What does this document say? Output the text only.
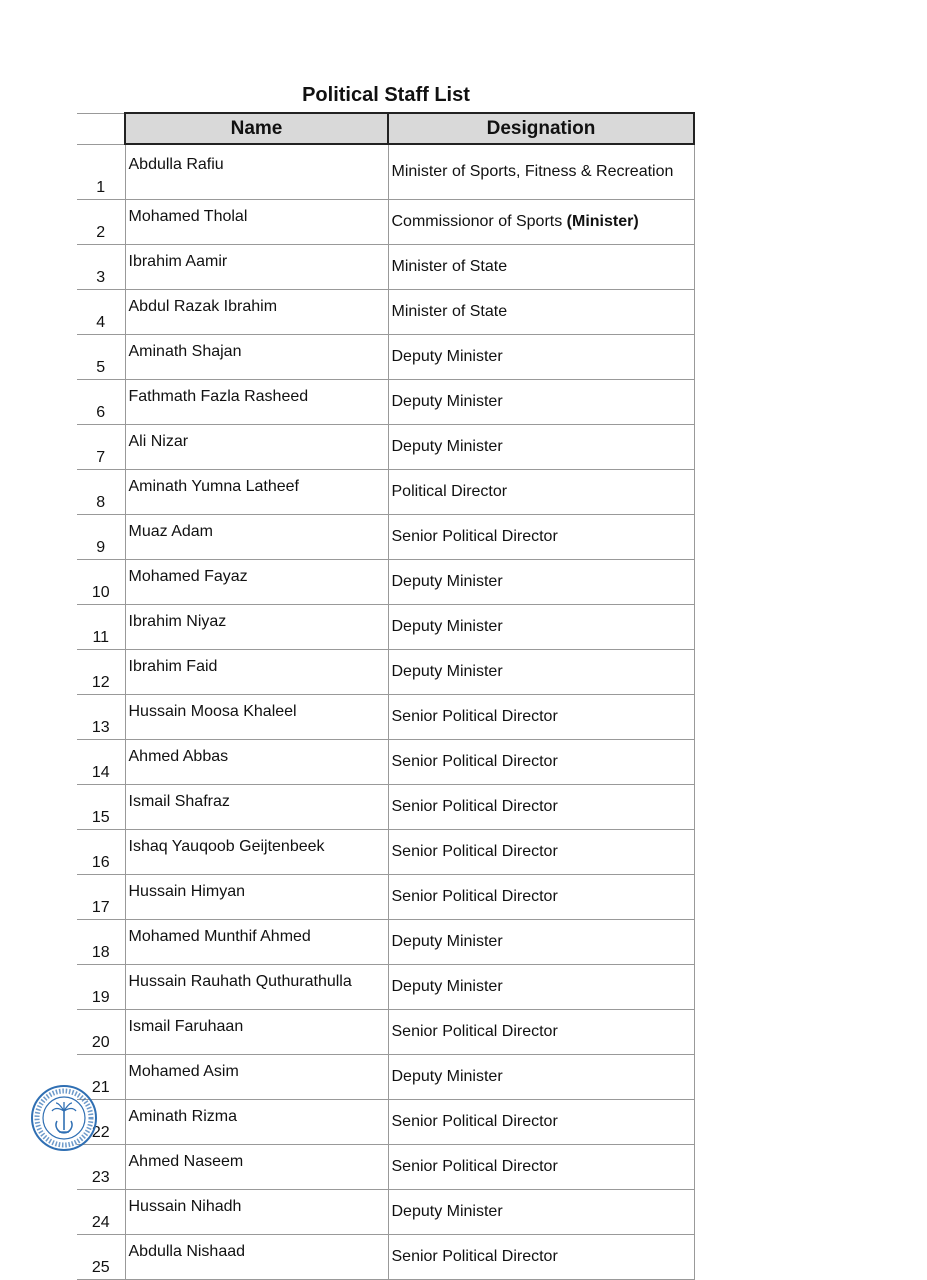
Political Staff List
	Name	Designation
1	Abdulla Rafiu	Minister of Sports, Fitness & Recreation
2	Mohamed Tholal	Commissionor of Sports (Minister)
3	Ibrahim Aamir	Minister of State
4	Abdul Razak Ibrahim	Minister of State
5	Aminath Shajan	Deputy Minister
6	Fathmath Fazla Rasheed	Deputy Minister
7	Ali Nizar	Deputy Minister
8	Aminath Yumna Latheef	Political Director
9	Muaz Adam	Senior Political Director
10	Mohamed Fayaz	Deputy Minister
11	Ibrahim Niyaz	Deputy Minister
12	Ibrahim Faid	Deputy Minister
13	Hussain Moosa Khaleel	Senior Political Director
14	Ahmed Abbas	Senior Political Director
15	Ismail Shafraz	Senior Political Director
16	Ishaq Yauqoob Geijtenbeek	Senior Political Director
17	Hussain Himyan	Senior Political Director
18	Mohamed Munthif Ahmed	Deputy Minister
19	Hussain Rauhath Quthurathulla	Deputy Minister
20	Ismail Faruhaan	Senior Political Director
21	Mohamed Asim	Deputy Minister
22	Aminath Rizma	Senior Political Director
23	Ahmed Naseem	Senior Political Director
24	Hussain Nihadh	Deputy Minister
25	Abdulla Nishaad	Senior Political Director
